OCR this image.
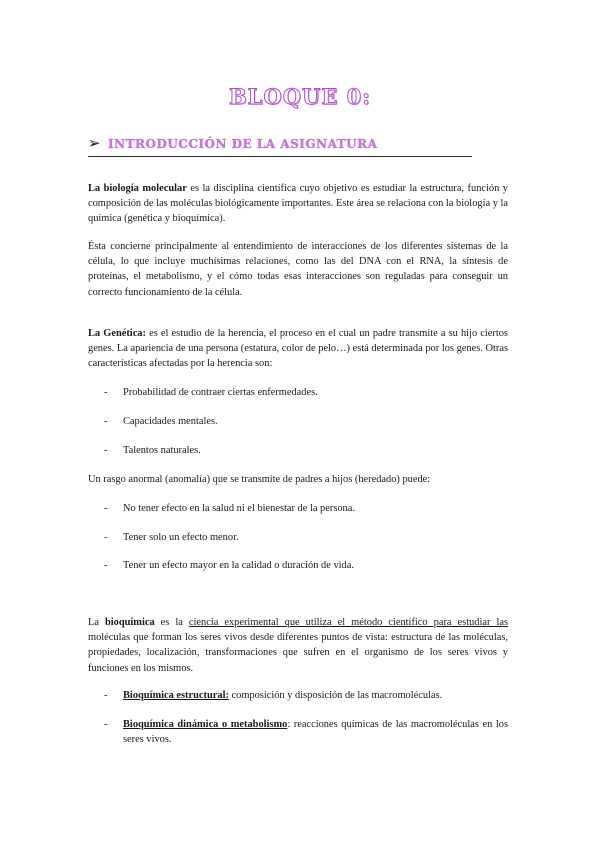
BLOQUE 0:
➢ INTRODUCCIÓN DE LA ASIGNATURA

La biología molecular es la disciplina científica cuyo objetivo es estudiar la estructura, función y composición de las moléculas biológicamente importantes. Este área se relaciona con la biología y la química (genética y bioquímica).

Ésta concierne principalmente al entendimiento de interacciones de los diferentes sistemas de la célula, lo que incluye muchísimas relaciones, como las del DNA con el RNA, la síntesis de proteínas, el metabolismo, y el cómo todas esas interacciones son reguladas para conseguir un correcto funcionamiento de la célula.

La Genética: es el estudio de la herencia, el proceso en el cual un padre transmite a su hijo ciertos genes. La apariencia de una persona (estatura, color de pelo…) está determinada por los genes. Otras características afectadas por la herencia son:

- Probabilidad de contraer ciertas enfermedades.
- Capacidades mentales.
- Talentos naturales.

Un rasgo anormal (anomalía) que se transmite de padres a hijos (heredado) puede:

- No tener efecto en la salud ni el bienestar de la persona.
- Tener solo un efecto menor.
- Tener un efecto mayor en la calidad o duración de vida.

La bioquímica es la ciencia experimental que utiliza el método científico para estudiar las moléculas que forman los seres vivos desde diferentes puntos de vista: estructura de las moléculas, propiedades, localización, transformaciones que sufren en el organismo de los seres vivos y funciones en los mismos.

- Bioquímica estructural: composición y disposición de las macromoléculas.
- Bioquímica dinámica o metabolismo: reacciones químicas de las macromoléculas en los seres vivos.
